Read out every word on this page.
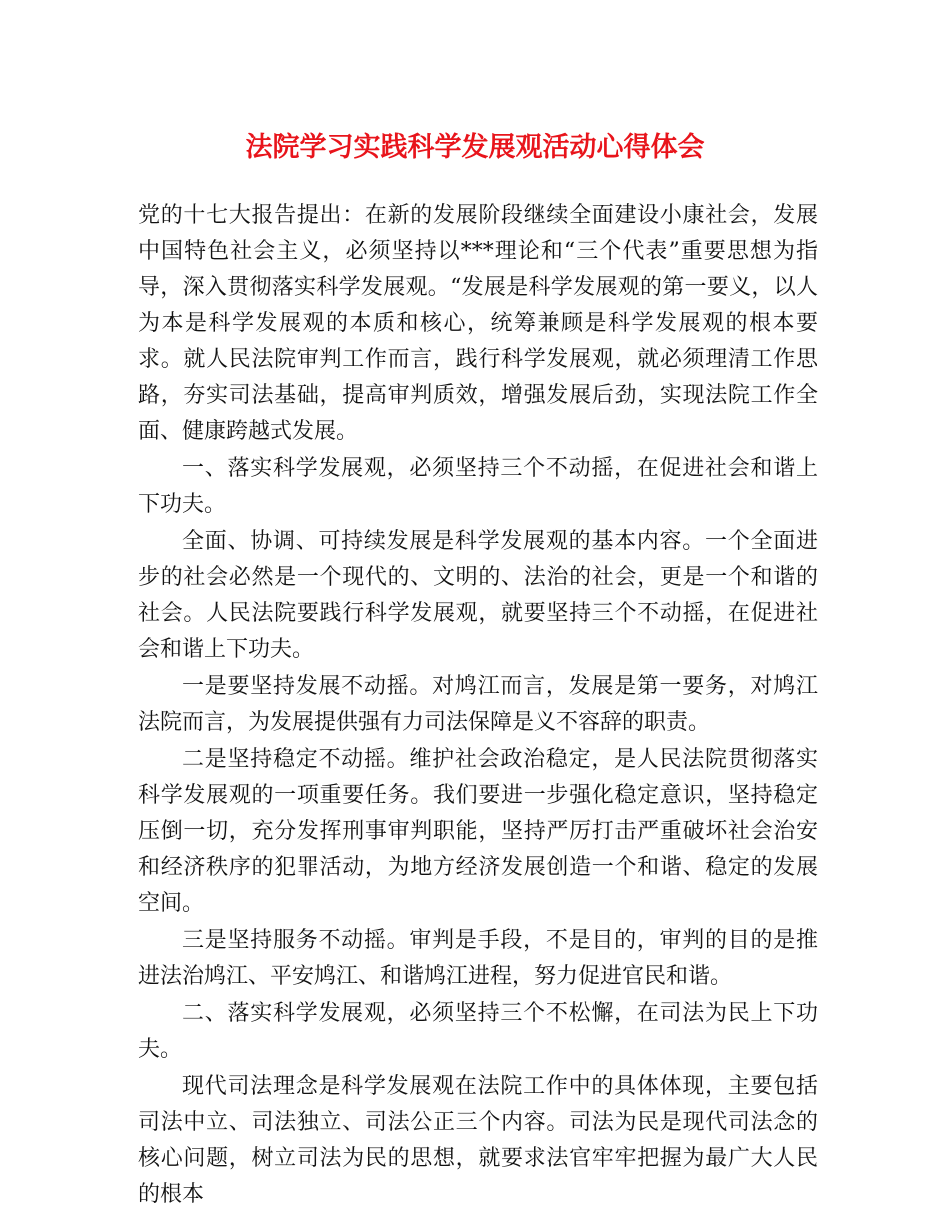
法院学习实践科学发展观活动心得体会

党的十七大报告提出：在新的发展阶段继续全面建设小康社会，发展中国特色社会主义，必须坚持以***理论和“三个代表”重要思想为指导，深入贯彻落实科学发展观。“发展是科学发展观的第一要义，以人为本是科学发展观的本质和核心，统筹兼顾是科学发展观的根本要求。就人民法院审判工作而言，践行科学发展观，就必须理清工作思路，夯实司法基础，提高审判质效，增强发展后劲，实现法院工作全面、健康跨越式发展。

一、落实科学发展观，必须坚持三个不动摇，在促进社会和谐上下功夫。

全面、协调、可持续发展是科学发展观的基本内容。一个全面进步的社会必然是一个现代的、文明的、法治的社会，更是一个和谐的社会。人民法院要践行科学发展观，就要坚持三个不动摇，在促进社会和谐上下功夫。

一是要坚持发展不动摇。对鸠江而言，发展是第一要务，对鸠江法院而言，为发展提供强有力司法保障是义不容辞的职责。

二是坚持稳定不动摇。维护社会政治稳定，是人民法院贯彻落实科学发展观的一项重要任务。我们要进一步强化稳定意识，坚持稳定压倒一切，充分发挥刑事审判职能，坚持严厉打击严重破坏社会治安和经济秩序的犯罪活动，为地方经济发展创造一个和谐、稳定的发展空间。

三是坚持服务不动摇。审判是手段，不是目的，审判的目的是推进法治鸠江、平安鸠江、和谐鸠江进程，努力促进官民和谐。

二、落实科学发展观，必须坚持三个不松懈，在司法为民上下功夫。

现代司法理念是科学发展观在法院工作中的具体体现，主要包括司法中立、司法独立、司法公正三个内容。司法为民是现代司法念的核心问题，树立司法为民的思想，就要求法官牢牢把握为最广大人民的根本
